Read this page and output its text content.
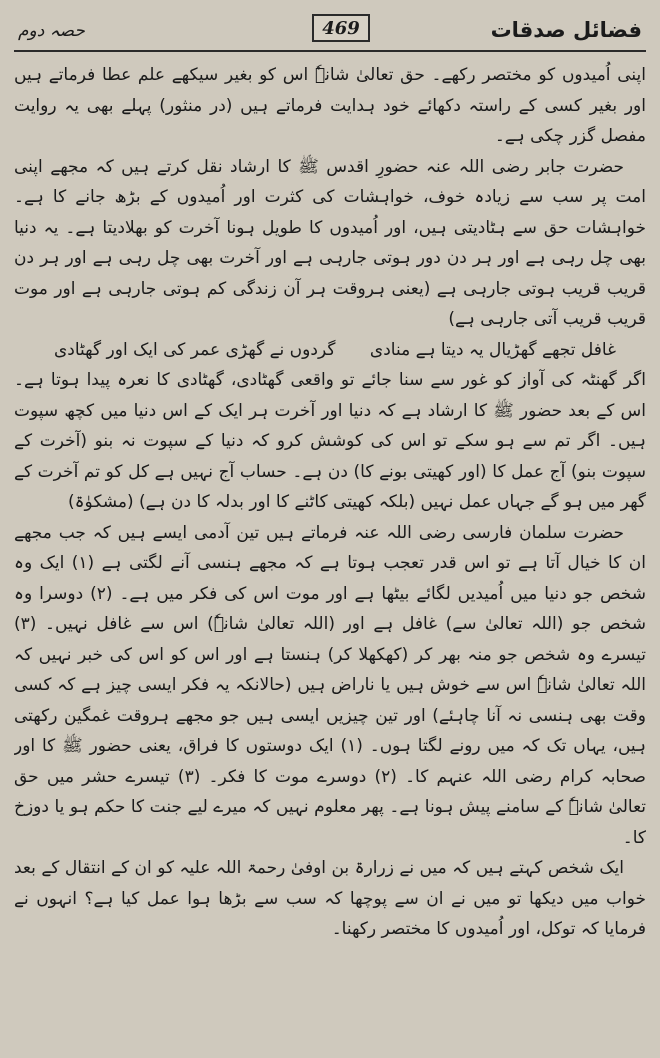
حصہ دوم	469	فضائل صدقات

اپنی اُمیدوں کو مختصر رکھے۔ حق تعالیٰ شانہٗ اس کو بغیر سیکھے علم عطا فرماتے ہیں اور بغیر کسی کے راستہ دکھائے خود ہدایت فرماتے ہیں (در منثور) پہلے بھی یہ روایت مفصل گزر چکی ہے۔

حضرت جابر رضی اللہ عنہ حضورِ اقدس ﷺ کا ارشاد نقل کرتے ہیں کہ مجھے اپنی امت پر سب سے زیادہ خوف، خواہشات کی کثرت اور اُمیدوں کے بڑھ جانے کا ہے۔ خواہشات حق سے ہٹادیتی ہیں، اور اُمیدوں کا طویل ہونا آخرت کو بھلادیتا ہے۔ یہ دنیا بھی چل رہی ہے اور ہر دن دور ہوتی جارہی ہے اور آخرت بھی چل رہی ہے اور ہر دن قریب قریب ہوتی جارہی ہے (یعنی ہروقت ہر آن زندگی کم ہوتی جارہی ہے اور موت قریب قریب آتی جارہی ہے)

غافل تجھے گھڑیال یہ دیتا ہے منادی
گردوں نے گھڑی عمر کی ایک اور گھٹادی

اگر گھنٹہ کی آواز کو غور سے سنا جائے تو واقعی گھٹادی، گھٹادی کا نعرہ پیدا ہوتا ہے۔ اس کے بعد حضور ﷺ کا ارشاد ہے کہ دنیا اور آخرت ہر ایک کے اس دنیا میں کچھ سپوت ہیں۔ اگر تم سے ہو سکے تو اس کی کوشش کرو کہ دنیا کے سپوت نہ بنو (آخرت کے سپوت بنو) آج عمل کا (اور کھیتی بونے کا) دن ہے۔ حساب آج نہیں ہے کل کو تم آخرت کے گھر میں ہو گے جہاں عمل نہیں (بلکہ کھیتی کاٹنے کا اور بدلہ کا دن ہے) (مشکوٰۃ)

حضرت سلمان فارسی رضی اللہ عنہ فرماتے ہیں تین آدمی ایسے ہیں کہ جب مجھے ان کا خیال آتا ہے تو اس قدر تعجب ہوتا ہے کہ مجھے ہنسی آنے لگتی ہے (۱) ایک وہ شخص جو دنیا میں اُمیدیں لگائے بیٹھا ہے اور موت اس کی فکر میں ہے۔ (۲) دوسرا وہ شخص جو (اللہ تعالیٰ سے) غافل ہے اور (اللہ تعالیٰ شانہٗ) اس سے غافل نہیں۔ (۳) تیسرے وہ شخص جو منہ بھر کر (کھکھلا کر) ہنستا ہے اور اس کو اس کی خبر نہیں کہ اللہ تعالیٰ شانہٗ اس سے خوش ہیں یا ناراض ہیں (حالانکہ یہ فکر ایسی چیز ہے کہ کسی وقت بھی ہنسی نہ آنا چاہئے) اور تین چیزیں ایسی ہیں جو مجھے ہروقت غمگین رکھتی ہیں، یہاں تک کہ میں رونے لگتا ہوں۔ (۱) ایک دوستوں کا فراق، یعنی حضور ﷺ کا اور صحابہ کرام رضی اللہ عنہم کا۔ (۲) دوسرے موت کا فکر۔ (۳) تیسرے حشر میں حق تعالیٰ شانہٗ کے سامنے پیش ہونا ہے۔ پھر معلوم نہیں کہ میرے لیے جنت کا حکم ہو یا دوزخ کا۔

ایک شخص کہتے ہیں کہ میں نے زرارۃ بن اوفیٰ رحمۃ اللہ علیہ کو ان کے انتقال کے بعد خواب میں دیکھا تو میں نے ان سے پوچھا کہ سب سے بڑھا ہوا عمل کیا ہے؟ انہوں نے فرمایا کہ توکل، اور اُمیدوں کا مختصر رکھنا۔
